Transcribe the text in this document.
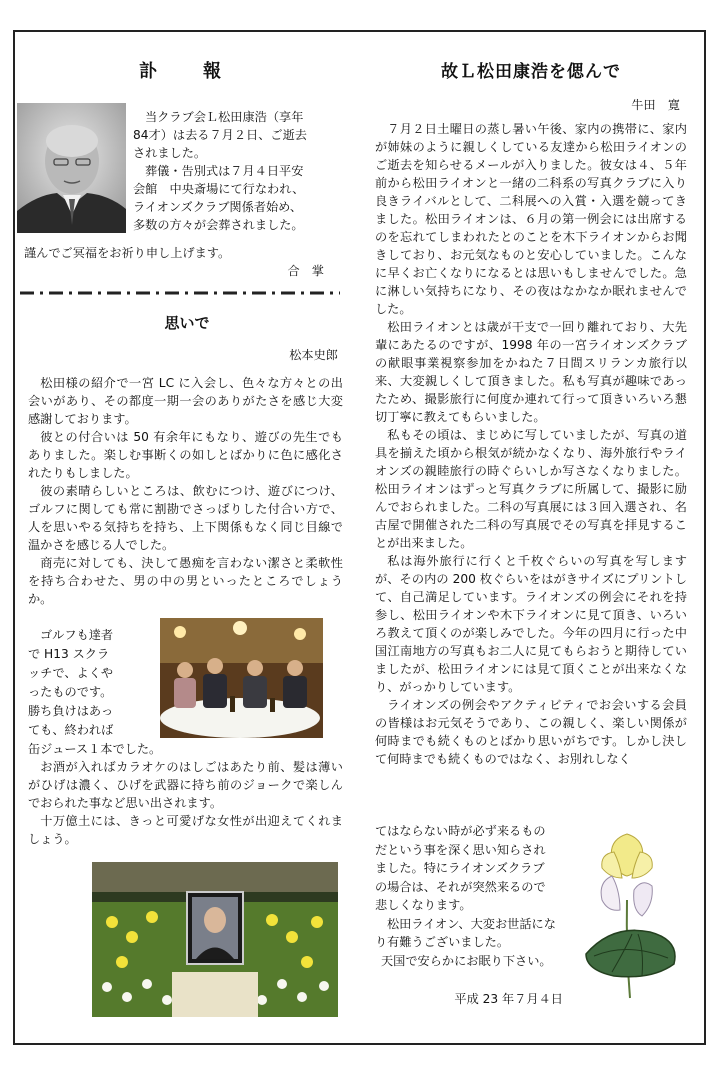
訃　報
当クラブ会Ｌ松田康浩（享年
84才）は去る７月２日、ご逝去
されました。
葬儀・告別式は７月４日平安
会館　中央斎場にて行なわれ、
ライオンズクラブ関係者始め、
多数の方々が会葬されました。
謹んでご冥福をお祈り申し上げます。
合　掌
思いで
松本史郎

松田様の紹介で一宮 LC に入会し、色々な方々との出会いがあり、その都度一期一会のありがたさを感じ大変感謝しております。

彼との付合いは 50 有余年にもなり、遊びの先生でもありました。楽しむ事断くの如しとばかりに色に感化されたりもしました。

彼の素晴らしいところは、飲むにつけ、遊びにつけ、ゴルフに関しても常に割勘でさっぱりした付合い方で、人を思いやる気持ちを持ち、上下関係もなく同じ目線で温かさを感じる人でした。

商売に対しても、決して愚痴を言わない潔さと柔軟性を持ち合わせた、男の中の男といったところでしょうか。

ゴルフも達者
で H13 スクラ
ッチで、よくや
ったものです。
勝ち負けはあっ
ても、終われば

缶ジュース１本でした。

お酒が入ればカラオケのはしごはあたり前、髪は薄いがひげは濃く、ひげを武器に持ち前のジョークで楽しんでおられた事など思い出されます。

十万億土には、きっと可愛げな女性が出迎えてくれましょう。

故Ｌ松田康浩を偲んで
牛田　寛

７月２日土曜日の蒸し暑い午後、家内の携帯に、家内が姉妹のように親しくしている友達から松田ライオンのご逝去を知らせるメールが入りました。彼女は４、５年前から松田ライオンと一緒の二科系の写真クラブに入り良きライバルとして、二科展への入賞・入選を競ってきました。松田ライオンは、６月の第一例会には出席するのを忘れてしまわれたとのことを木下ライオンからお聞きしており、お元気なものと安心していました。こんなに早くお亡くなりになるとは思いもしませんでした。急に淋しい気持ちになり、その夜はなかなか眠れませんでした。

松田ライオンとは歳が干支で一回り離れており、大先輩にあたるのですが、1998 年の一宮ライオンズクラブの献眼事業視察参加をかねた７日間スリランカ旅行以来、大変親しくして頂きました。私も写真が趣味であったため、撮影旅行に何度か連れて行って頂きいろいろ懇切丁寧に教えてもらいました。

私もその頃は、まじめに写していましたが、写真の道具を揃えた頃から根気が続かなくなり、海外旅行やライオンズの親睦旅行の時ぐらいしか写さなくなりました。松田ライオンはずっと写真クラブに所属して、撮影に励んでおられました。二科の写真展には３回入選され、名古屋で開催された二科の写真展でその写真を拝見することが出来ました。

私は海外旅行に行くと千枚ぐらいの写真を写しますが、その内の 200 枚ぐらいをはがきサイズにプリントして、自己満足しています。ライオンズの例会にそれを持参し、松田ライオンや木下ライオンに見て頂き、いろいろ教えて頂くのが楽しみでした。今年の四月に行った中国江南地方の写真もお二人に見てもらおうと期待していましたが、松田ライオンには見て頂くことが出来なくなり、がっかりしています。

ライオンズの例会やアクティビティでお会いする会員の皆様はお元気そうであり、この親しく、楽しい関係が何時までも続くものとばかり思いがちです。しかし決して何時までも続くものではなく、お別れしなく

てはならない時が必ず来るもの
だという事を深く思い知らされ
ました。特にライオンズクラブ
の場合は、それが突然来るので
悲しくなります。
松田ライオン、大変お世話にな
り有難うございました。
天国で安らかにお眠り下さい。
平成 23 年７月４日
